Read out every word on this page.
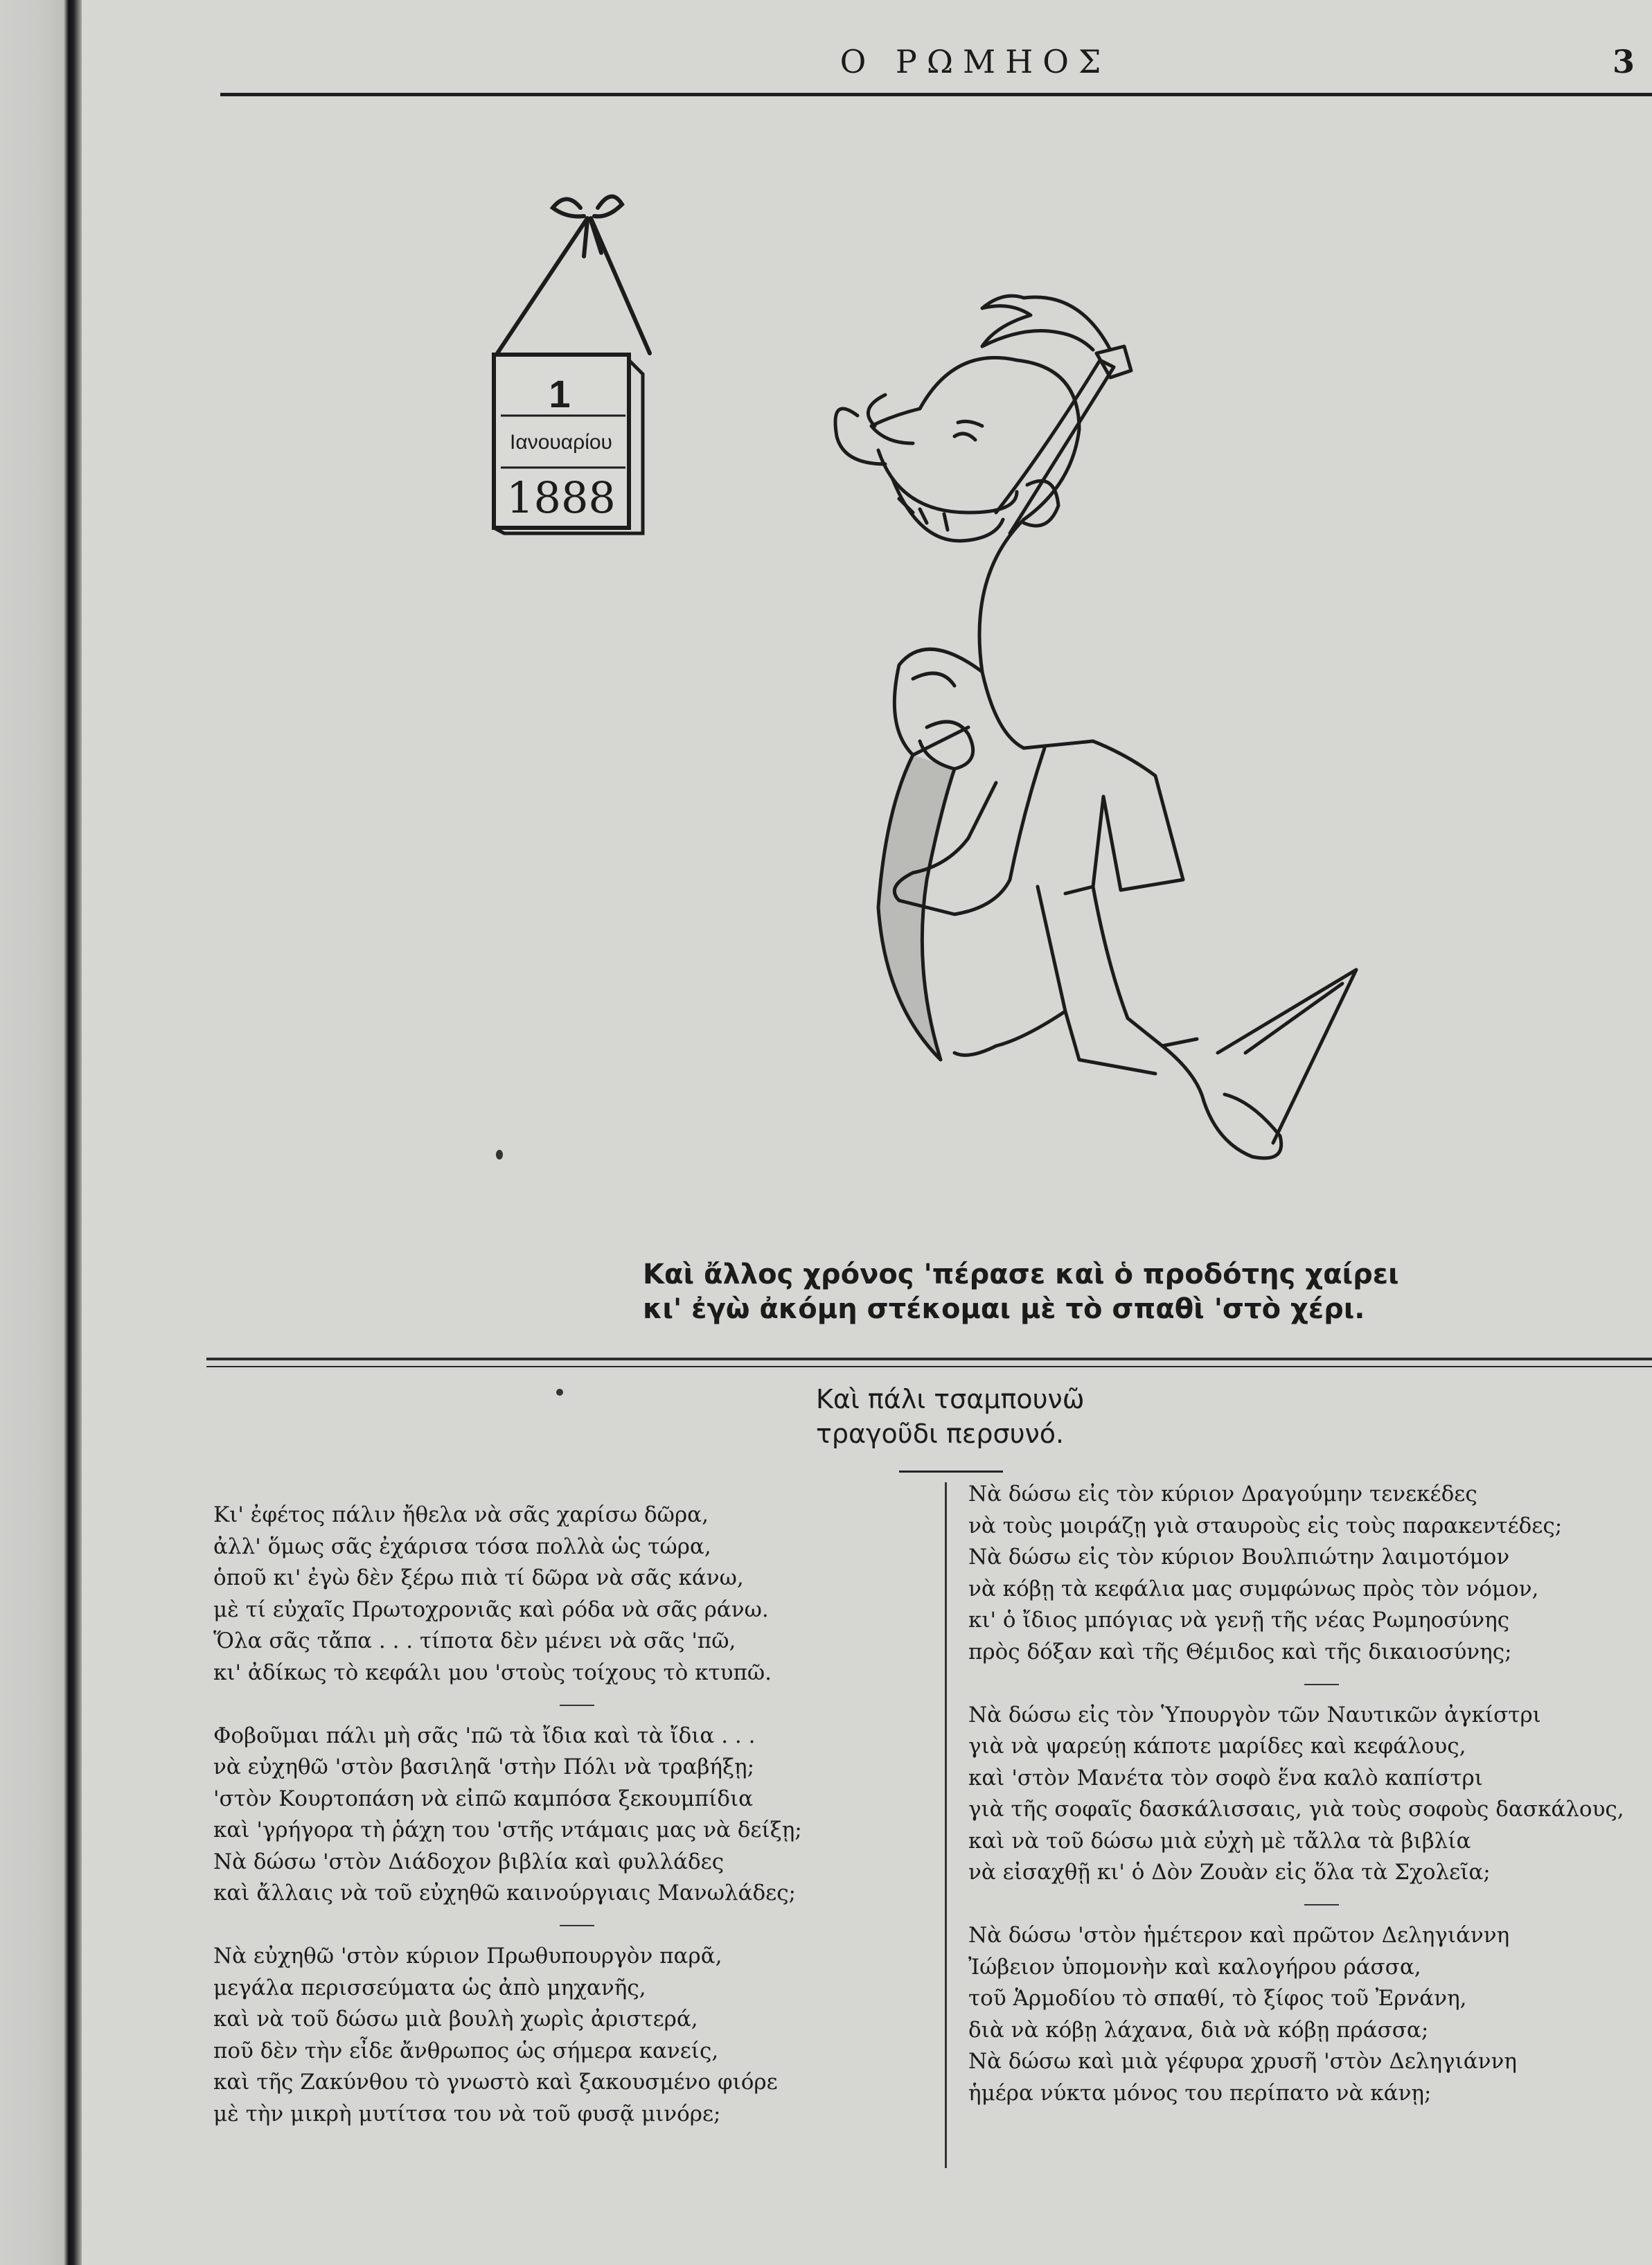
Ο ΡΩΜΗΟΣ	3
1
Ιανουαρίου
1888
Καὶ ἄλλος χρόνος 'πέρασε καὶ ὁ προδότης χαίρει
κι' ἐγὼ ἀκόμη στέκομαι μὲ τὸ σπαθὶ 'στὸ χέρι.
Καὶ πάλι τσαμπουνῶ
τραγοῦδι περσυνό.
Κι' ἐφέτος πάλιν ἤθελα νὰ σᾶς χαρίσω δῶρα,
ἀλλ' ὅμως σᾶς ἐχάρισα τόσα πολλὰ ὡς τώρα,
ὁποῦ κι' ἐγὼ δὲν ξέρω πιὰ τί δῶρα νὰ σᾶς κάνω,
μὲ τί εὐχαῖς Πρωτοχρονιᾶς καὶ ρόδα νὰ σᾶς ράνω.
Ὅλα σᾶς τἄπα . . . τίποτα δὲν μένει νὰ σᾶς 'πῶ,
κι' ἀδίκως τὸ κεφάλι μου 'στοὺς τοίχους τὸ κτυπῶ.
Φοβοῦμαι πάλι μὴ σᾶς 'πῶ τὰ ἴδια καὶ τὰ ἴδια . . .
νὰ εὐχηθῶ 'στὸν βασιληᾶ 'στὴν Πόλι νὰ τραβήξῃ;
'στὸν Κουρτοπάση νὰ εἰπῶ καμπόσα ξεκουμπίδια
καὶ 'γρήγορα τὴ ῥάχη του 'στῆς ντάμαις μας νὰ δείξῃ;
Νὰ δώσω 'στὸν Διάδοχον βιβλία καὶ φυλλάδες
καὶ ἄλλαις νὰ τοῦ εὐχηθῶ καινούργιαις Μανωλάδες;
Νὰ εὐχηθῶ 'στὸν κύριον Πρωθυπουργὸν παρᾶ,
μεγάλα περισσεύματα ὡς ἀπὸ μηχανῆς,
καὶ νὰ τοῦ δώσω μιὰ βουλὴ χωρὶς ἀριστερά,
ποῦ δὲν τὴν εἶδε ἄνθρωπος ὡς σήμερα κανείς,
καὶ τῆς Ζακύνθου τὸ γνωστὸ καὶ ξακουσμένο φιόρε
μὲ τὴν μικρὴ μυτίτσα του νὰ τοῦ φυσᾷ μινόρε;
Νὰ δώσω εἰς τὸν κύριον Δραγούμην τενεκέδες
νὰ τοὺς μοιράζῃ γιὰ σταυροὺς εἰς τοὺς παρακεντέδες;
Νὰ δώσω εἰς τὸν κύριον Βουλπιώτην λαιμοτόμον
νὰ κόβῃ τὰ κεφάλια μας συμφώνως πρὸς τὸν νόμον,
κι' ὁ ἴδιος μπόγιας νὰ γενῇ τῆς νέας Ρωμηοσύνης
πρὸς δόξαν καὶ τῆς Θέμιδος καὶ τῆς δικαιοσύνης;
Νὰ δώσω εἰς τὸν Ὑπουργὸν τῶν Ναυτικῶν ἀγκίστρι
γιὰ νὰ ψαρεύῃ κάποτε μαρίδες καὶ κεφάλους,
καὶ 'στὸν Μανέτα τὸν σοφὸ ἕνα καλὸ καπίστρι
γιὰ τῆς σοφαῖς δασκάλισσαις, γιὰ τοὺς σοφοὺς δασκάλους,
καὶ νὰ τοῦ δώσω μιὰ εὐχὴ μὲ τἄλλα τὰ βιβλία
νὰ εἰσαχθῇ κι' ὁ Δὸν Ζουὰν εἰς ὅλα τὰ Σχολεῖα;
Νὰ δώσω 'στὸν ἡμέτερον καὶ πρῶτον Δεληγιάννη
Ἰώβειον ὑπομονὴν καὶ καλογήρου ράσσα,
τοῦ Ἁρμοδίου τὸ σπαθί, τὸ ξίφος τοῦ Ἐρνάνη,
διὰ νὰ κόβῃ λάχανα, διὰ νὰ κόβῃ πράσσα;
Νὰ δώσω καὶ μιὰ γέφυρα χρυσῆ 'στὸν Δεληγιάννη
ἡμέρα νύκτα μόνος του περίπατο νὰ κάνῃ;
